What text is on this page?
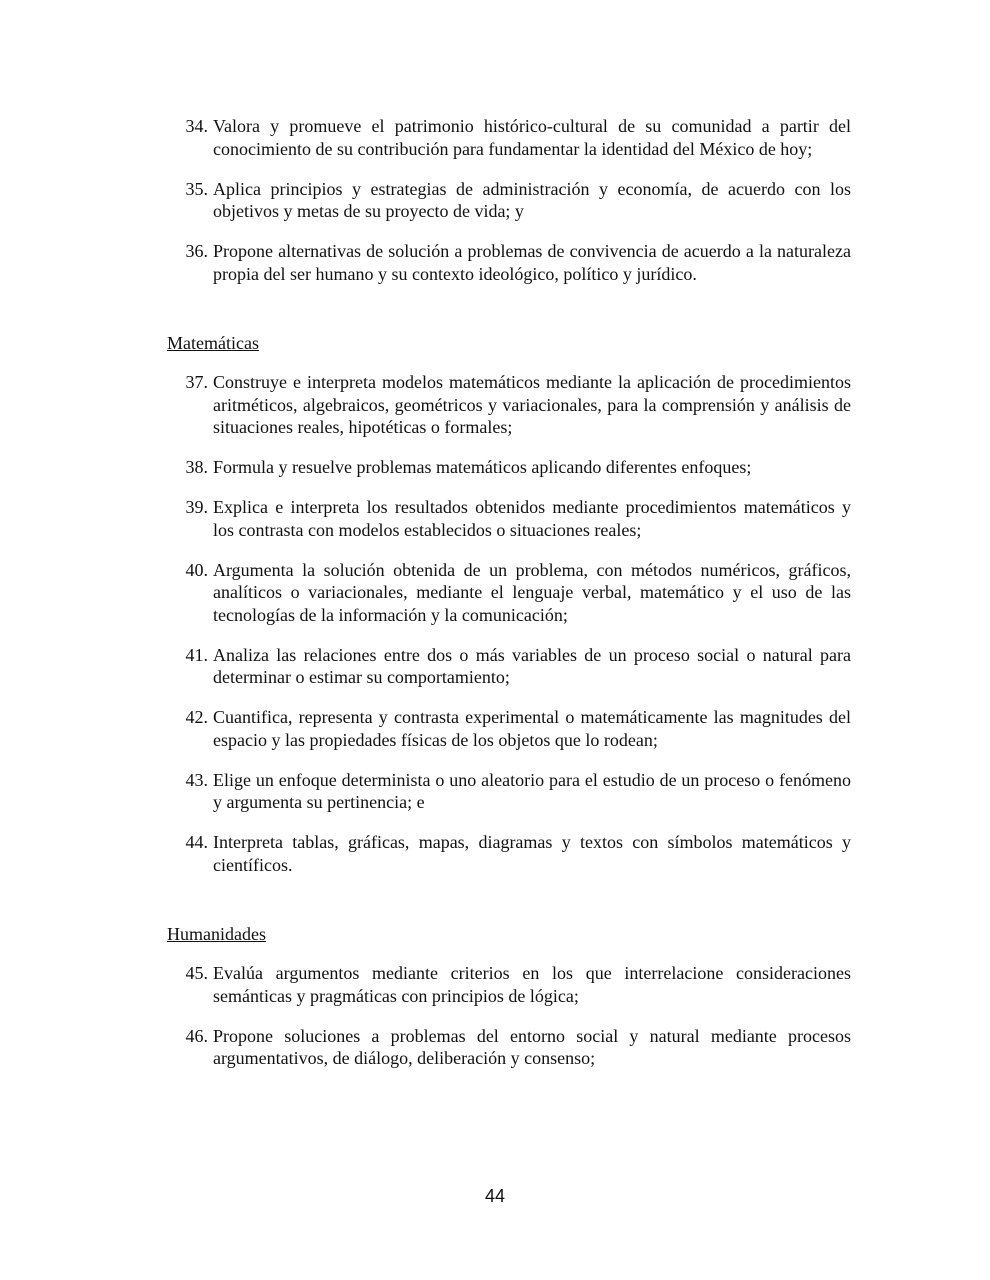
34. Valora y promueve el patrimonio histórico-cultural de su comunidad a partir del conocimiento de su contribución para fundamentar la identidad del México de hoy;
35. Aplica principios y estrategias de administración y economía, de acuerdo con los objetivos y metas de su proyecto de vida; y
36. Propone alternativas de solución a problemas de convivencia de acuerdo a la naturaleza propia del ser humano y su contexto ideológico, político y jurídico.
Matemáticas
37. Construye e interpreta modelos matemáticos mediante la aplicación de procedimientos aritméticos, algebraicos, geométricos y variacionales, para la comprensión y análisis de situaciones reales, hipotéticas o formales;
38. Formula y resuelve problemas matemáticos aplicando diferentes enfoques;
39. Explica e interpreta los resultados obtenidos mediante procedimientos matemáticos y los contrasta con modelos establecidos o situaciones reales;
40. Argumenta la solución obtenida de un problema, con métodos numéricos, gráficos, analíticos o variacionales, mediante el lenguaje verbal, matemático y el uso de las tecnologías de la información y la comunicación;
41. Analiza las relaciones entre dos o más variables de un proceso social o natural para determinar o estimar su comportamiento;
42. Cuantifica, representa y contrasta experimental o matemáticamente las magnitudes del espacio y las propiedades físicas de los objetos que lo rodean;
43. Elige un enfoque determinista o uno aleatorio para el estudio de un proceso o fenómeno y argumenta su pertinencia; e
44. Interpreta tablas, gráficas, mapas, diagramas y textos con símbolos matemáticos y científicos.
Humanidades
45. Evalúa argumentos mediante criterios en los que interrelacione consideraciones semánticas y pragmáticas con principios de lógica;
46. Propone soluciones a problemas del entorno social y natural mediante procesos argumentativos, de diálogo, deliberación y consenso;
44
